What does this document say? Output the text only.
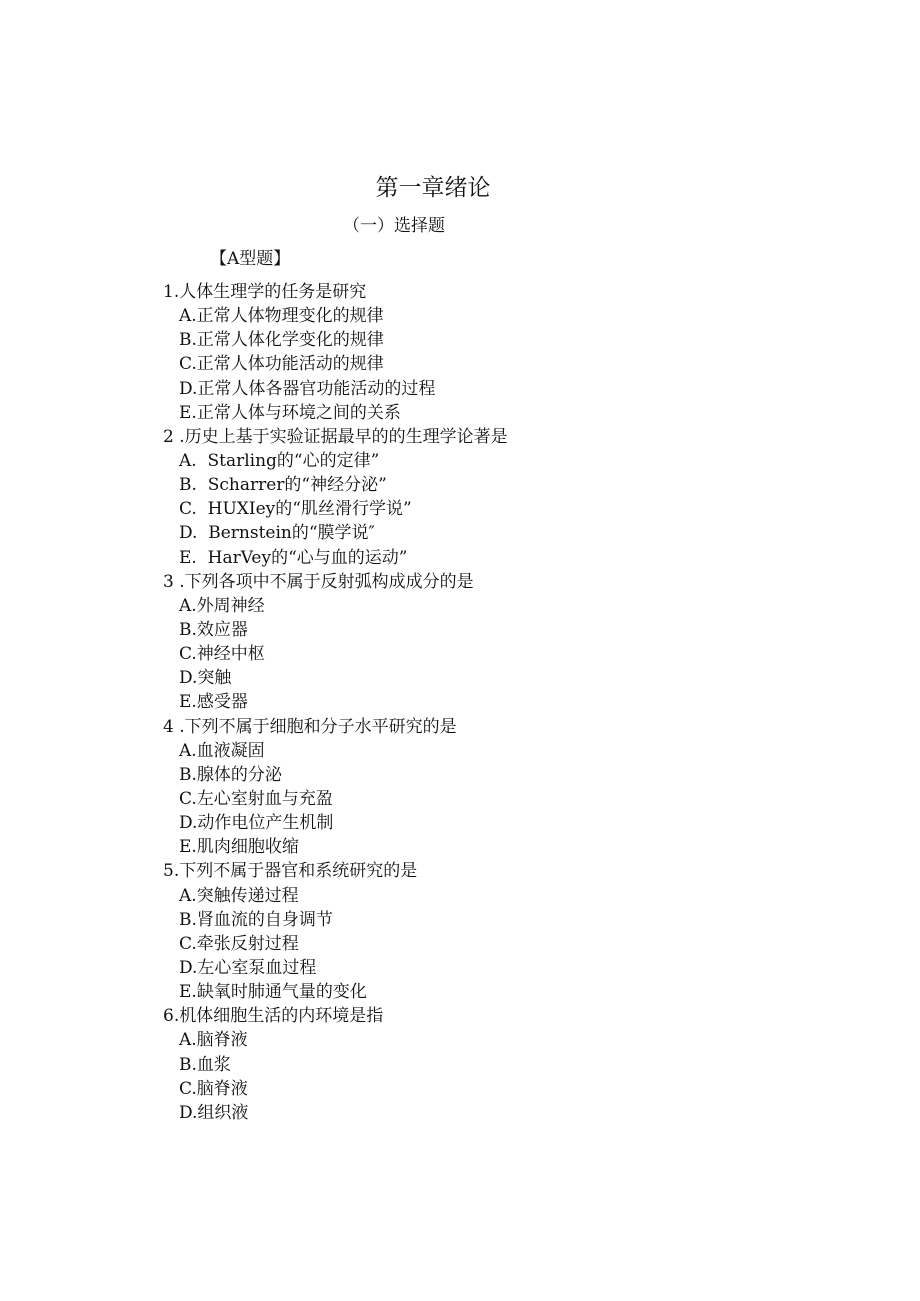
第一章绪论
（一）选择题
【A型题】
1.人体生理学的任务是研究
A.正常人体物理变化的规律
B.正常人体化学变化的规律
C.正常人体功能活动的规律
D.正常人体各器官功能活动的过程
E.正常人体与环境之间的关系
2 .历史上基于实验证据最早的的生理学论著是
A.  Starling的“心的定律”
B.  Scharrer的“神经分泌”
C.  HUXIey的“肌丝滑行学说”
D.  Bernstein的“膜学说″
E.  HarVey的“心与血的运动”
3 .下列各项中不属于反射弧构成成分的是
A.外周神经
B.效应器
C.神经中枢
D.突触
E.感受器
4 .下列不属于细胞和分子水平研究的是
A.血液凝固
B.腺体的分泌
C.左心室射血与充盈
D.动作电位产生机制
E.肌肉细胞收缩
5.下列不属于器官和系统研究的是
A.突触传递过程
B.肾血流的自身调节
C.牵张反射过程
D.左心室泵血过程
E.缺氧时肺通气量的变化
6.机体细胞生活的内环境是指
A.脑脊液
B.血浆
C.脑脊液
D.组织液
